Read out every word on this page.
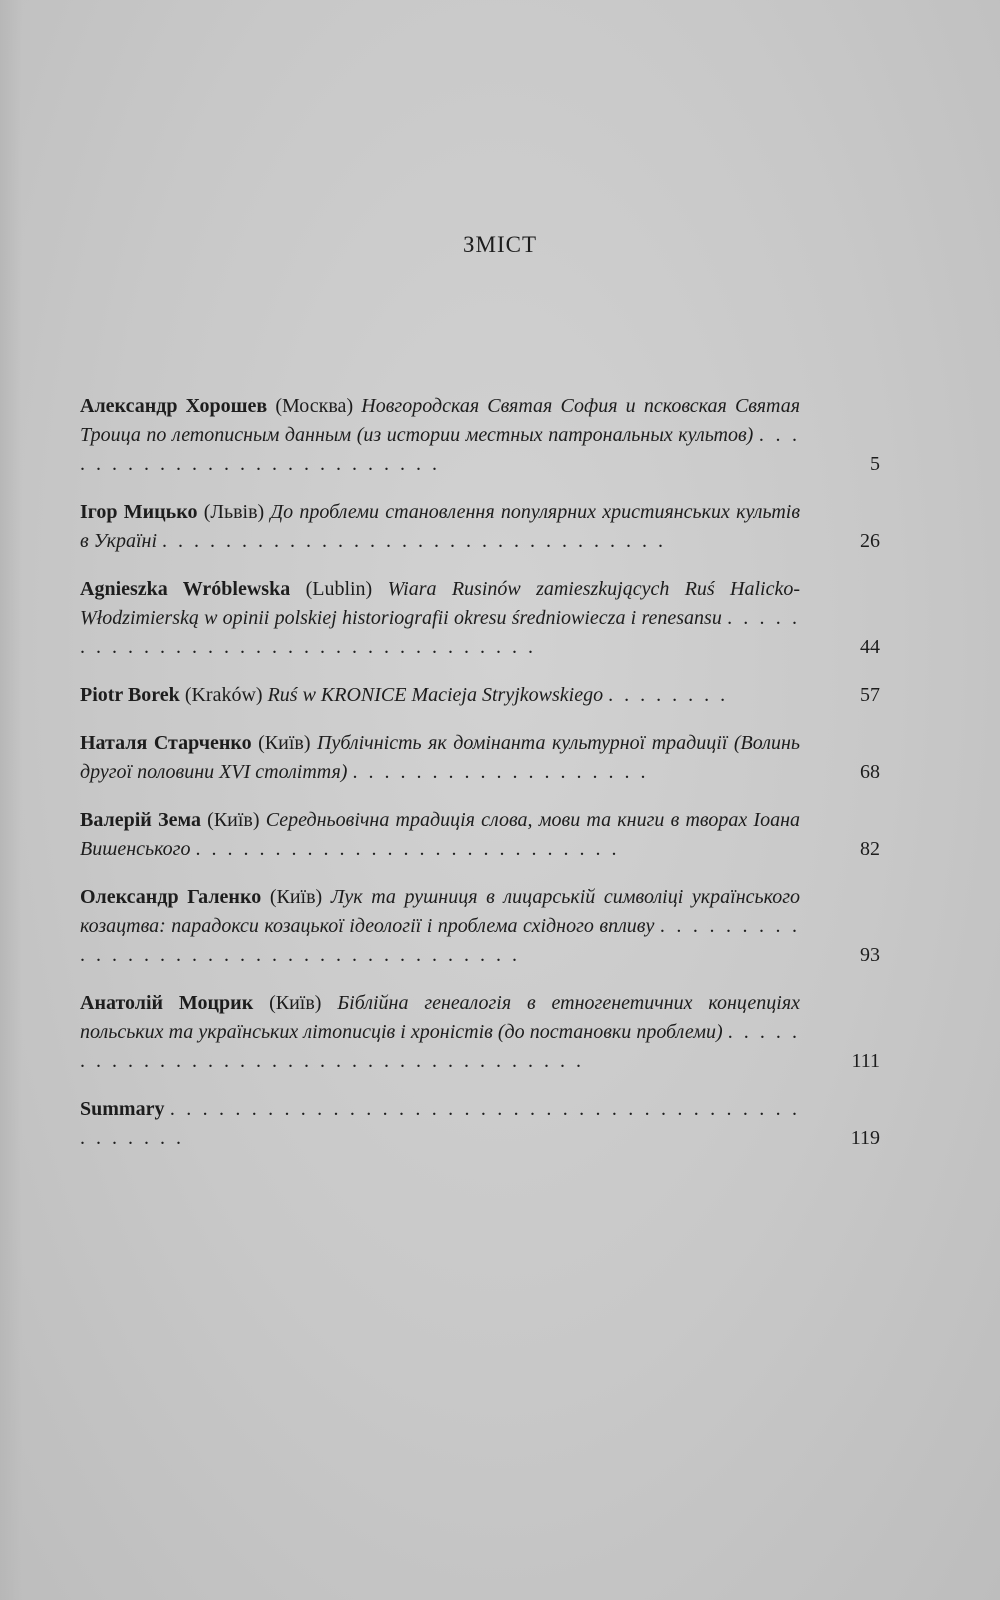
ЗМІСТ
Александр Хорошев (Москва) Новгородская Святая София и псковская Святая Троица по летописным данным (из истории местных патрональных культов) . . . . . . . . . . . . . . . . . . . . . . . . . .	5
Ігор Мицько (Львів) До проблеми становлення популярних християнських культів в Україні . . . . . . . . . . . . . . . . . . . . . . . . . . . . . . . .	26
Agnieszka Wróblewska (Lublin) Wiara Rusinów zamieszkujących Ruś Halicko-Włodzimierską w opinii polskiej historiografii okresu średniowiecza i renesansu . . . . . . . . . . . . . . . . . . . . . . . . . . . . . . . . . .	44
Piotr Borek (Kraków) Ruś w KRONICE Macieja Stryjkowskiego . . . . . . . .	57
Наталя Старченко (Київ) Публічність як домінанта культурної традиції (Волинь другої половини XVI століття) . . . . . . . . . . . . . . . . . . .	68
Валерій Зема (Київ) Середньовічна традиція слова, мови та книги в творах Іоана Вишенського . . . . . . . . . . . . . . . . . . . . . . . . . . .	82
Олександр Галенко (Київ) Лук та рушниця в лицарській символіці українського козацтва: парадокси козацької ідеології і проблема східного впливу . . . . . . . . . . . . . . . . . . . . . . . . . . . . . . . . . . . . .	93
Анатолій Моцрик (Київ) Біблійна генеалогія в етногенетичних концепціях польських та українських літописців і хроністів (до постановки проблеми) . . . . . . . . . . . . . . . . . . . . . . . . . . . . . . . . . . . . .	111
Summary . . . . . . . . . . . . . . . . . . . . . . . . . . . . . . . . . . . . . . . . . . . . . .	119
